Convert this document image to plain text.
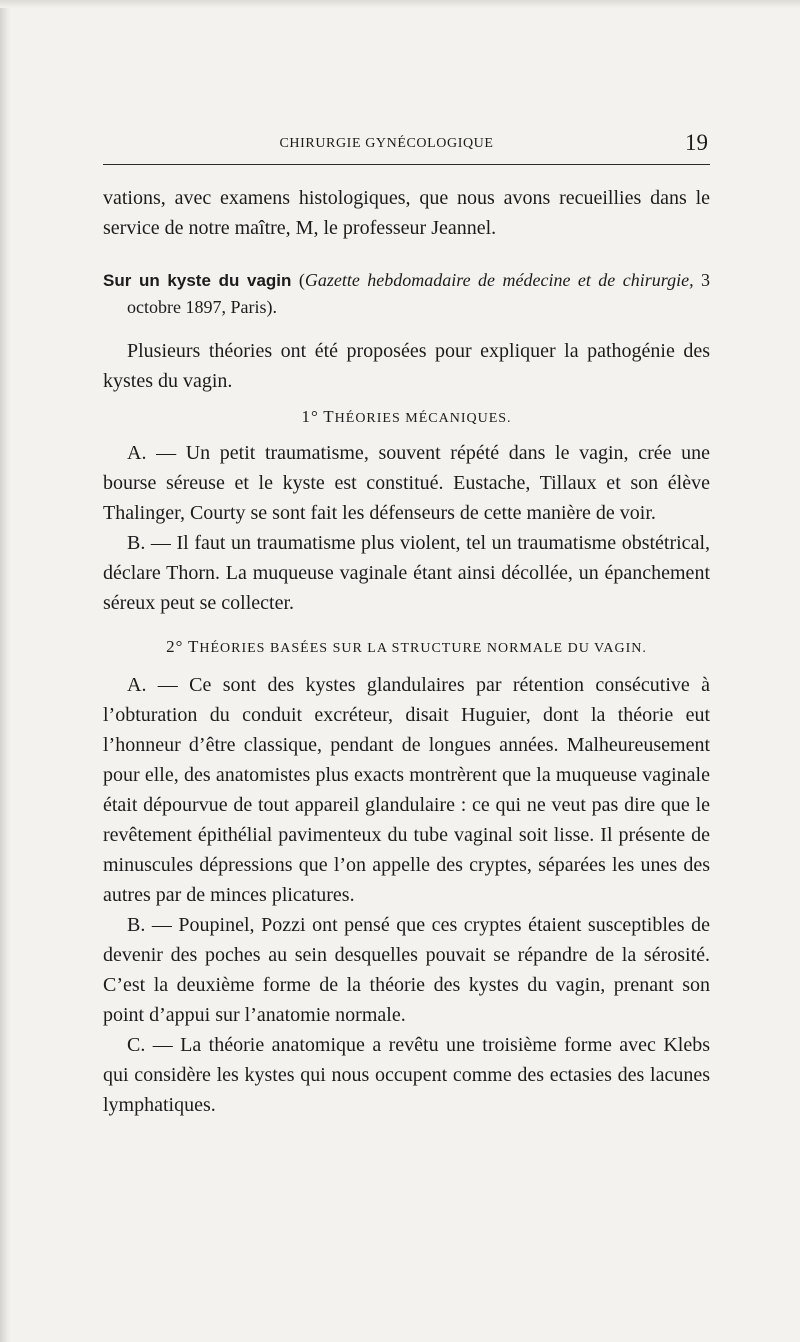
CHIRURGIE GYNÉCOLOGIQUE	19

vations, avec examens histologiques, que nous avons recueillies dans le service de notre maître, M, le professeur Jeannel.

Sur un kyste du vagin (Gazette hebdomadaire de médecine et de chirurgie, 3 octobre 1897, Paris).

Plusieurs théories ont été proposées pour expliquer la pathogénie des kystes du vagin.

1° THÉORIES MÉCANIQUES.

A. — Un petit traumatisme, souvent répété dans le vagin, crée une bourse séreuse et le kyste est constitué. Eustache, Tillaux et son élève Thalinger, Courty se sont fait les défenseurs de cette manière de voir.

B. — Il faut un traumatisme plus violent, tel un traumatisme obstétrical, déclare Thorn. La muqueuse vaginale étant ainsi décollée, un épanchement séreux peut se collecter.

2° THÉORIES BASÉES SUR LA STRUCTURE NORMALE DU VAGIN.

A. — Ce sont des kystes glandulaires par rétention consécutive à l’obturation du conduit excréteur, disait Huguier, dont la théorie eut l’honneur d’être classique, pendant de longues années. Malheureusement pour elle, des anatomistes plus exacts montrèrent que la muqueuse vaginale était dépourvue de tout appareil glandulaire : ce qui ne veut pas dire que le revêtement épithélial pavimenteux du tube vaginal soit lisse. Il présente de minuscules dépressions que l’on appelle des cryptes, séparées les unes des autres par de minces plicatures.

B. — Poupinel, Pozzi ont pensé que ces cryptes étaient susceptibles de devenir des poches au sein desquelles pouvait se répandre de la sérosité. C’est la deuxième forme de la théorie des kystes du vagin, prenant son point d’appui sur l’anatomie normale.

C. — La théorie anatomique a revêtu une troisième forme avec Klebs qui considère les kystes qui nous occupent comme des ectasies des lacunes lymphatiques.
